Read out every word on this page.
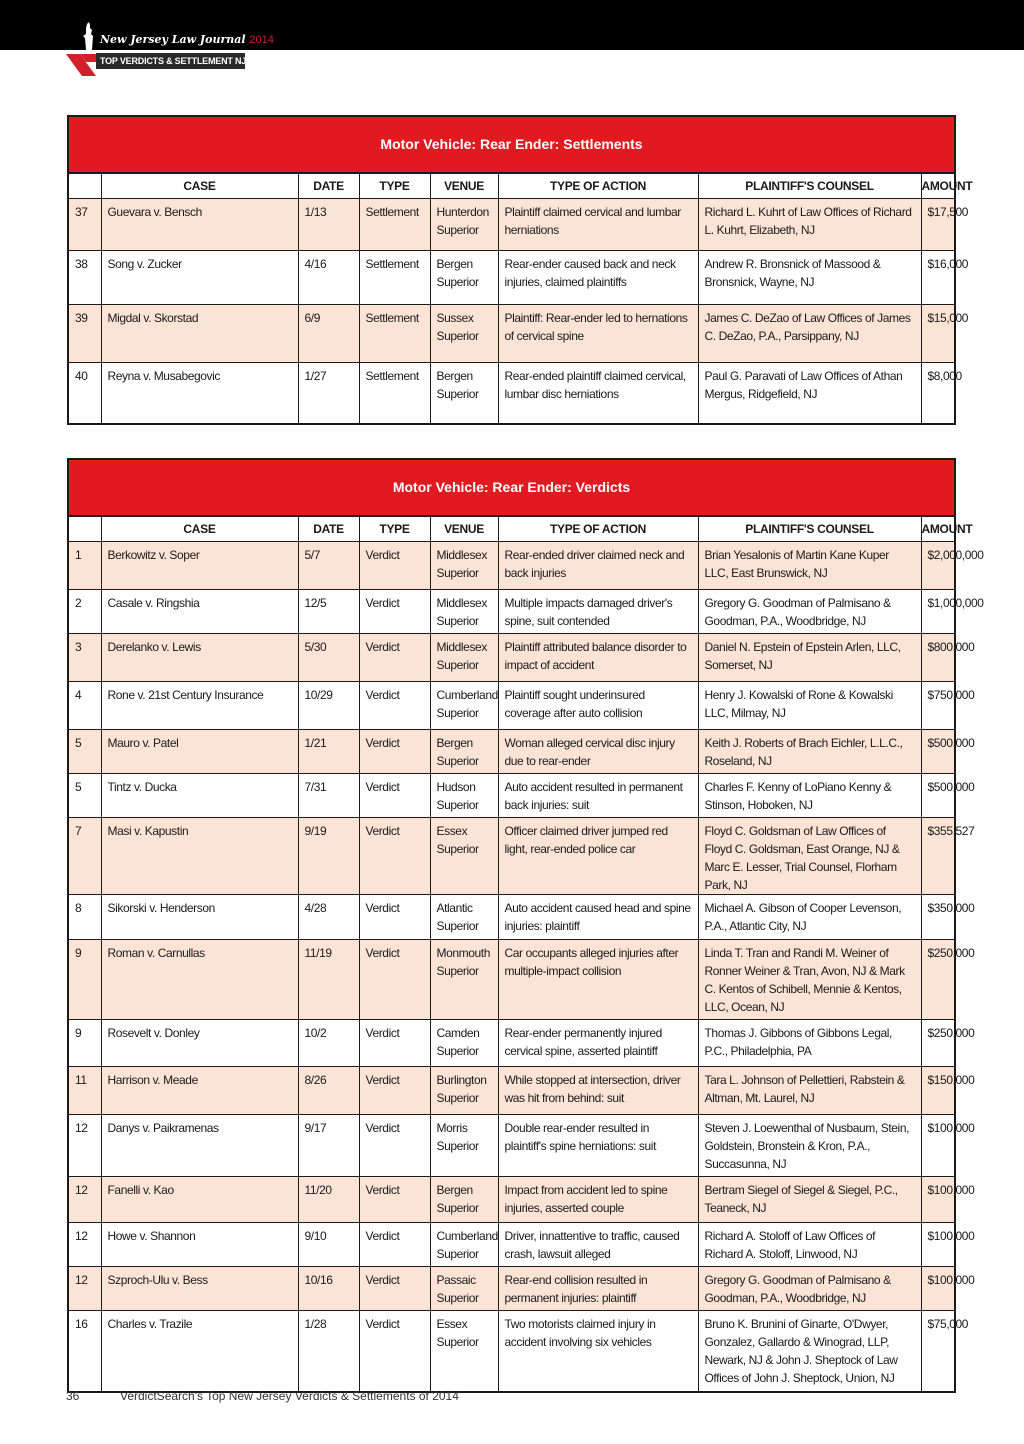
New Jersey Law Journal 2014
TOP VERDICTS & SETTLEMENT NJ
Motor Vehicle: Rear Ender: Settlements
	CASE	DATE	TYPE	VENUE	TYPE OF ACTION	PLAINTIFF'S COUNSEL	AMOUNT
37	Guevara v. Bensch	1/13	Settlement	Hunterdon Superior	Plaintiff claimed cervical and lumbar herniations	Richard L. Kuhrt of Law Offices of Richard L. Kuhrt, Elizabeth, NJ	$17,500
38	Song v. Zucker	4/16	Settlement	Bergen Superior	Rear-ender caused back and neck injuries, claimed plaintiffs	Andrew R. Bronsnick of Massood & Bronsnick, Wayne, NJ	$16,000
39	Migdal v. Skorstad	6/9	Settlement	Sussex Superior	Plaintiff: Rear-ender led to hernations of cervical spine	James C. DeZao of Law Offices of James C. DeZao, P.A., Parsippany, NJ	$15,000
40	Reyna v. Musabegovic	1/27	Settlement	Bergen Superior	Rear-ended plaintiff claimed cervical, lumbar disc herniations	Paul G. Paravati of Law Offices of Athan Mergus, Ridgefield, NJ	$8,000
Motor Vehicle: Rear Ender: Verdicts
	CASE	DATE	TYPE	VENUE	TYPE OF ACTION	PLAINTIFF'S COUNSEL	AMOUNT
1	Berkowitz v. Soper	5/7	Verdict	Middlesex Superior	Rear-ended driver claimed neck and back injuries	Brian Yesalonis of Martin Kane Kuper LLC, East Brunswick, NJ	$2,000,000
2	Casale v. Ringshia	12/5	Verdict	Middlesex Superior	Multiple impacts damaged driver's spine, suit contended	Gregory G. Goodman of Palmisano & Goodman, P.A., Woodbridge, NJ	$1,000,000
3	Derelanko v. Lewis	5/30	Verdict	Middlesex Superior	Plaintiff attributed balance disorder to impact of accident	Daniel N. Epstein of Epstein Arlen, LLC, Somerset, NJ	$800,000
4	Rone v. 21st Century Insurance	10/29	Verdict	Cumberland Superior	Plaintiff sought underinsured coverage after auto collision	Henry J. Kowalski of Rone & Kowalski LLC, Milmay, NJ	$750,000
5	Mauro v. Patel	1/21	Verdict	Bergen Superior	Woman alleged cervical disc injury due to rear-ender	Keith J. Roberts of Brach Eichler, L.L.C., Roseland, NJ	$500,000
5	Tintz v. Ducka	7/31	Verdict	Hudson Superior	Auto accident resulted in permanent back injuries: suit	Charles F. Kenny of LoPiano Kenny & Stinson, Hoboken, NJ	$500,000
7	Masi v. Kapustin	9/19	Verdict	Essex Superior	Officer claimed driver jumped red light, rear-ended police car	Floyd C. Goldsman of Law Offices of Floyd C. Goldsman, East Orange, NJ & Marc E. Lesser, Trial Counsel, Florham Park, NJ	$355,527
8	Sikorski v. Henderson	4/28	Verdict	Atlantic Superior	Auto accident caused head and spine injuries: plaintiff	Michael A. Gibson of Cooper Levenson, P.A., Atlantic City, NJ	$350,000
9	Roman v. Carnullas	11/19	Verdict	Monmouth Superior	Car occupants alleged injuries after multiple-impact collision	Linda T. Tran and Randi M. Weiner of Ronner Weiner & Tran, Avon, NJ & Mark C. Kentos of Schibell, Mennie & Kentos, LLC, Ocean, NJ	$250,000
9	Rosevelt v. Donley	10/2	Verdict	Camden Superior	Rear-ender permanently injured cervical spine, asserted plaintiff	Thomas J. Gibbons of Gibbons Legal, P.C., Philadelphia, PA	$250,000
11	Harrison v. Meade	8/26	Verdict	Burlington Superior	While stopped at intersection, driver was hit from behind: suit	Tara L. Johnson of Pellettieri, Rabstein & Altman, Mt. Laurel, NJ	$150,000
12	Danys v. Paikramenas	9/17	Verdict	Morris Superior	Double rear-ender resulted in plaintiff's spine herniations: suit	Steven J. Loewenthal of Nusbaum, Stein, Goldstein, Bronstein & Kron, P.A., Succasunna, NJ	$100,000
12	Fanelli v. Kao	11/20	Verdict	Bergen Superior	Impact from accident led to spine injuries, asserted couple	Bertram Siegel of Siegel & Siegel, P.C., Teaneck, NJ	$100,000
12	Howe v. Shannon	9/10	Verdict	Cumberland Superior	Driver, innattentive to traffic, caused crash, lawsuit alleged	Richard A. Stoloff of Law Offices of Richard A. Stoloff, Linwood, NJ	$100,000
12	Szproch-Ulu v. Bess	10/16	Verdict	Passaic Superior	Rear-end collision resulted in permanent injuries: plaintiff	Gregory G. Goodman of Palmisano & Goodman, P.A., Woodbridge, NJ	$100,000
16	Charles v. Trazile	1/28	Verdict	Essex Superior	Two motorists claimed injury in accident involving six vehicles	Bruno K. Brunini of Ginarte, O'Dwyer, Gonzalez, Gallardo & Winograd, LLP, Newark, NJ & John J. Sheptock of Law Offices of John J. Sheptock, Union, NJ	$75,000
36	VerdictSearch's Top New Jersey Verdicts & Settlements of 2014
